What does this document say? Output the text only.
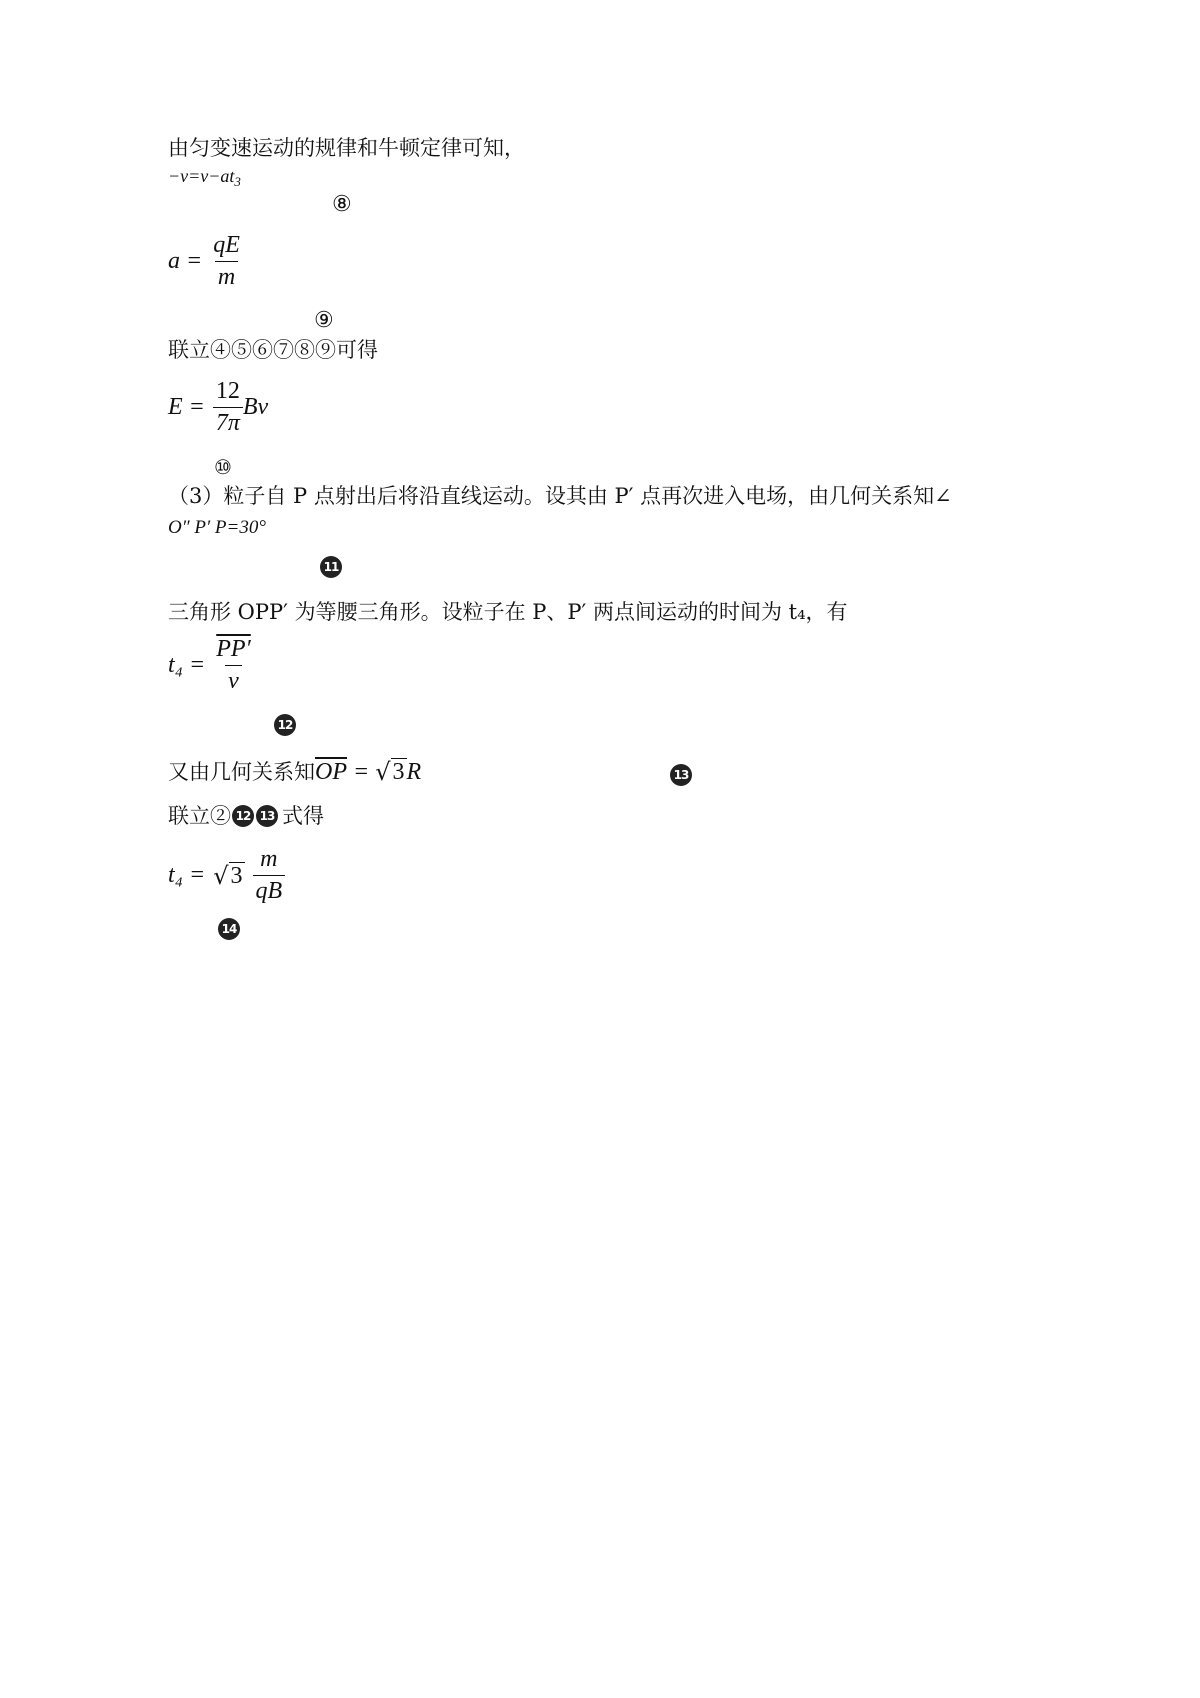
由匀变速运动的规律和牛顿定律可知，
$-v=v-at_3$
⑧
$a = \frac{qE}{m}$
⑨
联立④⑤⑥⑦⑧⑨可得
$E = \frac{12}{7\pi}$ Bv
⑩
（3）粒子自 P 点射出后将沿直线运动。设其由 P′ 点再次进入电场，由几何关系知∠
O″ P′ P=30°
11
三角形 OPP′ 为等腰三角形。设粒子在 P、P′ 两点间运动的时间为 t₄，有
$t_4 = \frac{PP'}{v}$
12
又由几何关系知 $\overline{OP}$ = √ 3 R	13
联立② 12 13 式得
t₄ = √ $3 \frac{m}{qB}$
14
